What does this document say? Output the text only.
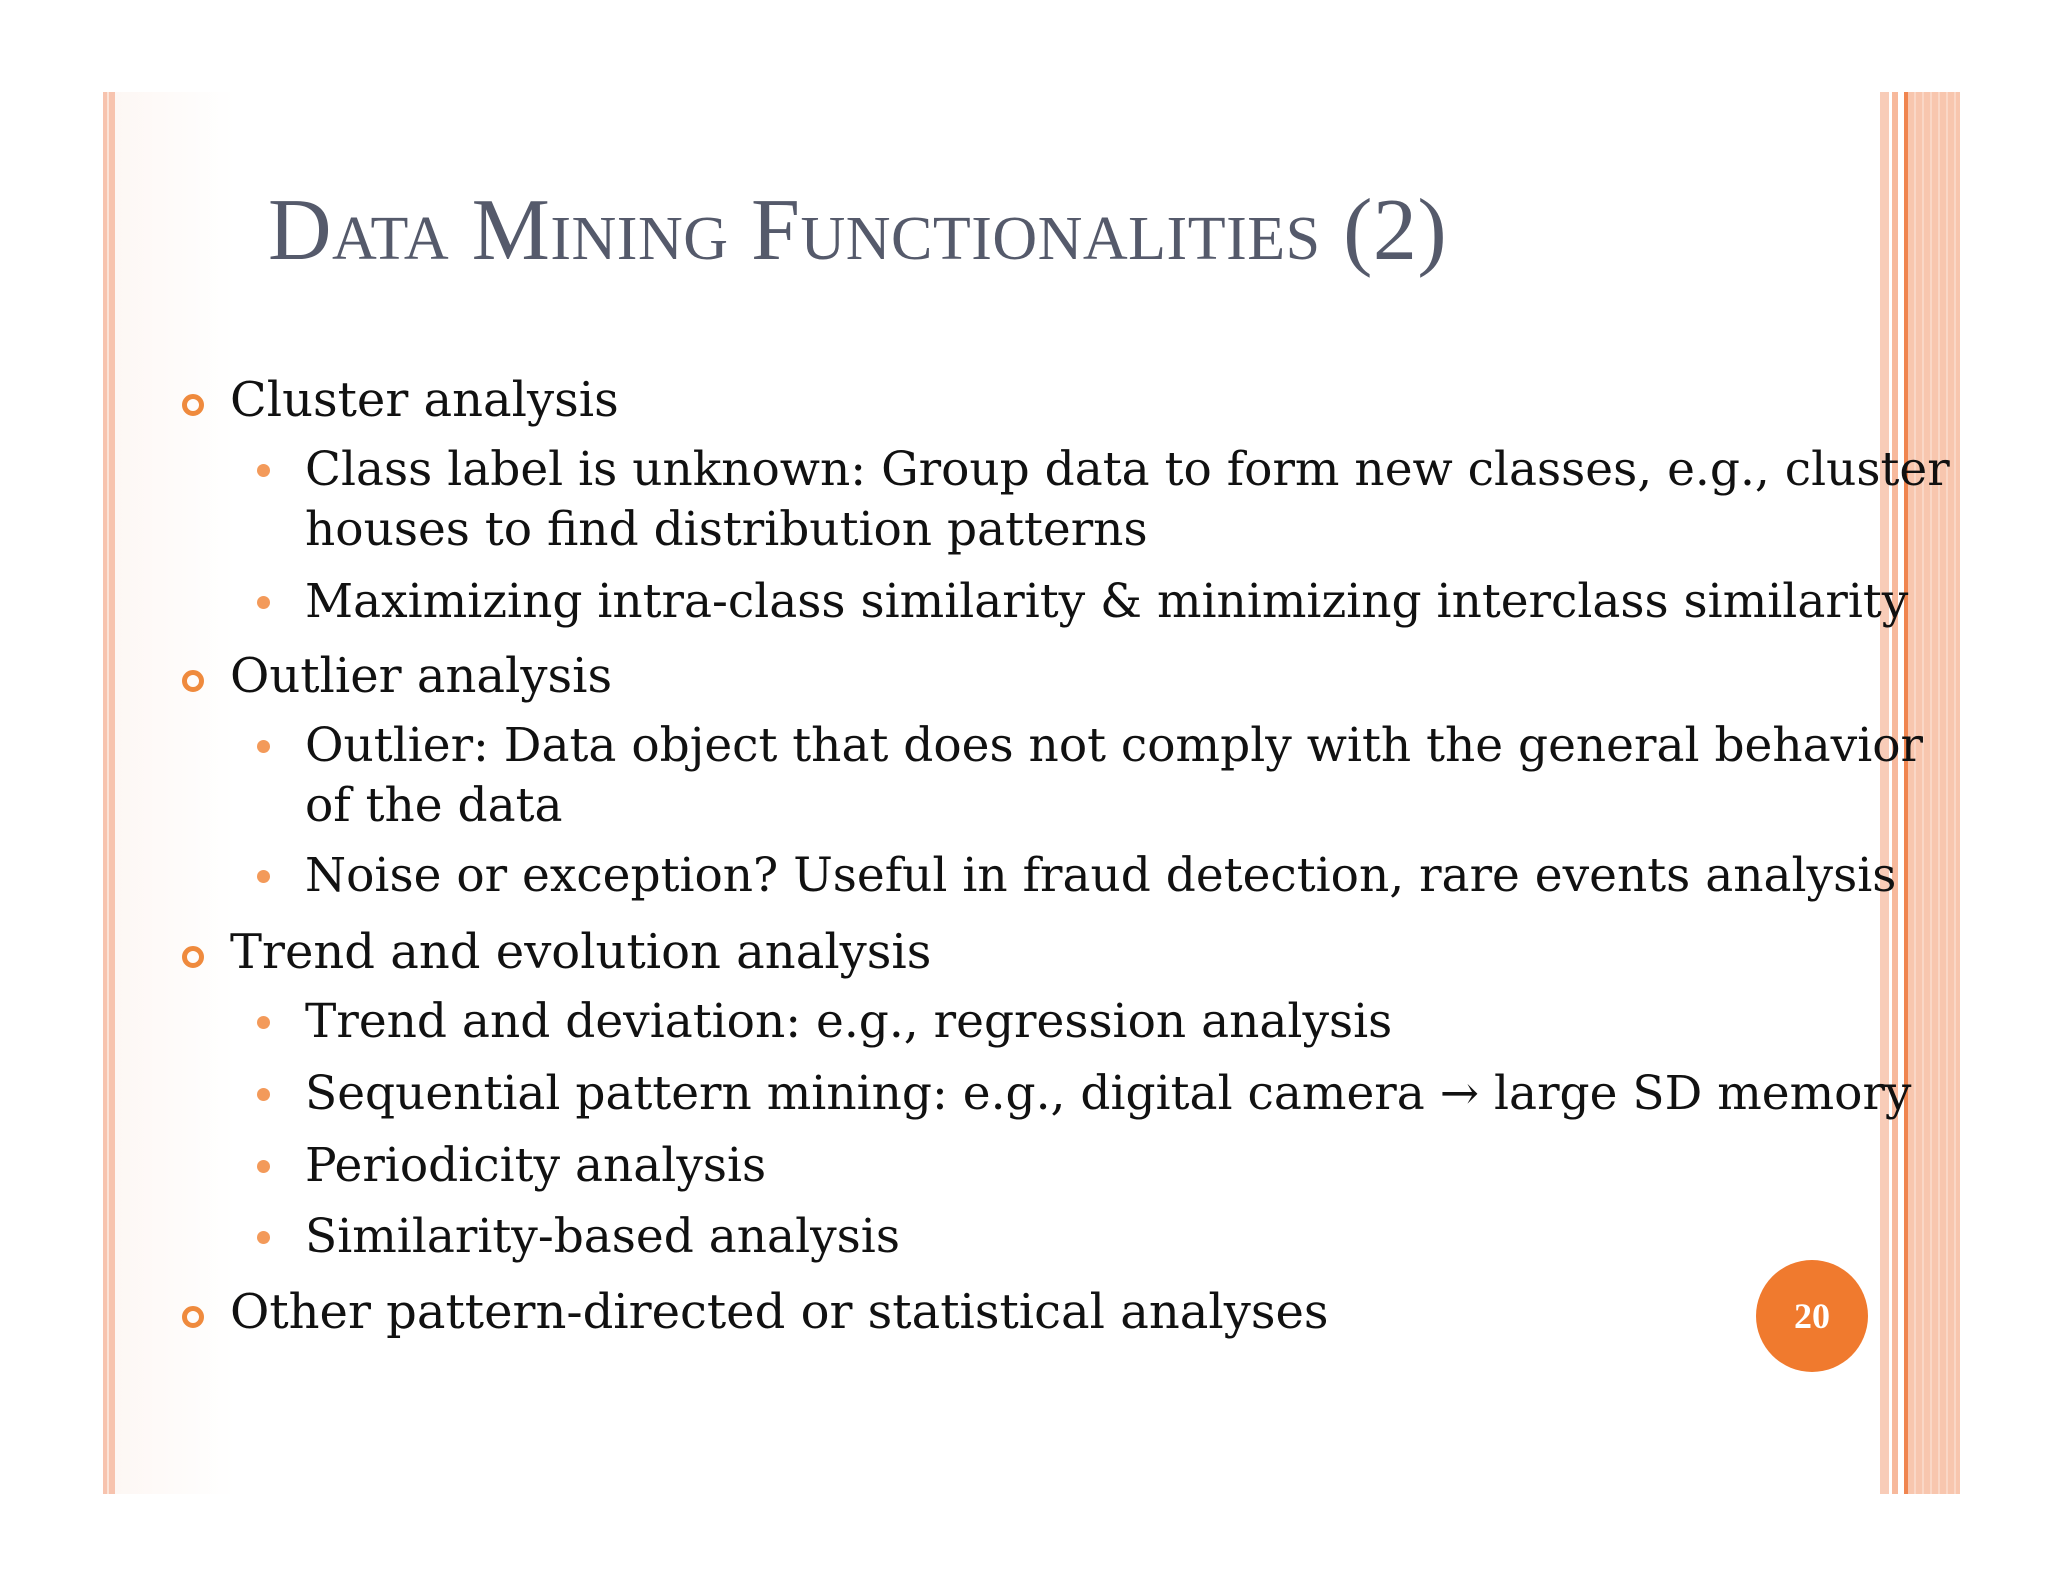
Data Mining Functionalities (2)
Cluster analysis
Class label is unknown: Group data to form new classes, e.g., cluster
houses to find distribution patterns
Maximizing intra-class similarity & minimizing interclass similarity
Outlier analysis
Outlier: Data object that does not comply with the general behavior
of the data
Noise or exception? Useful in fraud detection, rare events analysis
Trend and evolution analysis
Trend and deviation: e.g., regression analysis
Sequential pattern mining: e.g., digital camera → large SD memory
Periodicity analysis
Similarity-based analysis
Other pattern-directed or statistical analyses	20
